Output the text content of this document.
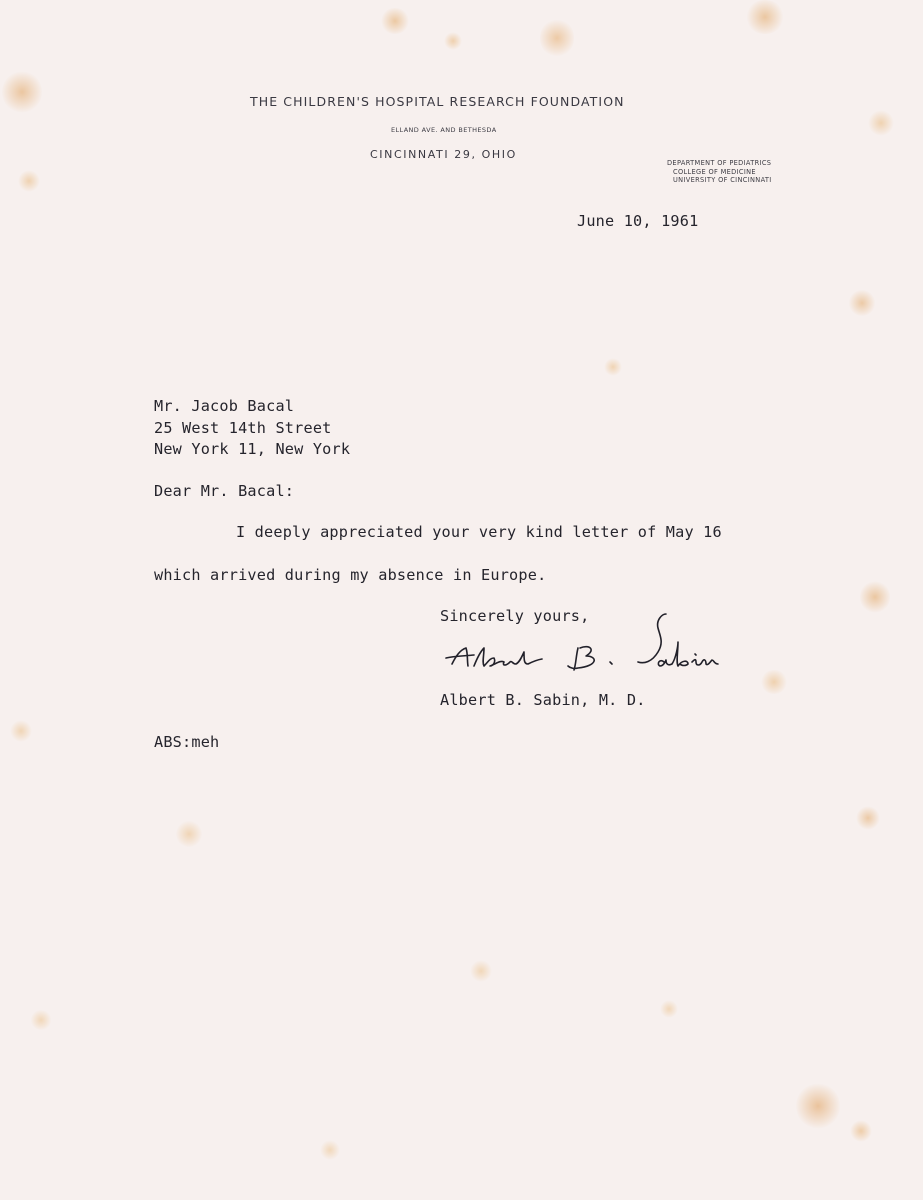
THE CHILDREN'S HOSPITAL RESEARCH FOUNDATION
ELLAND AVE. AND BETHESDA
CINCINNATI 29, OHIO
DEPARTMENT OF PEDIATRICS
COLLEGE OF MEDICINE
UNIVERSITY OF CINCINNATI
June 10, 1961
Mr. Jacob Bacal
25 West 14th Street
New York 11, New York
Dear Mr. Bacal:
I deeply appreciated your very kind letter of May 16
which arrived during my absence in Europe.
Sincerely yours,
Albert B. Sabin, M. D.
ABS:meh
